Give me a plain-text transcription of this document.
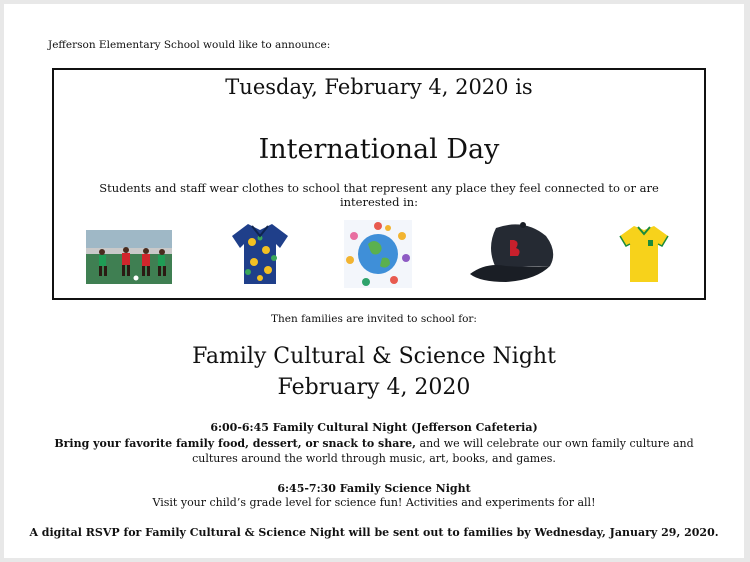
Jefferson Elementary School would like to announce:
Tuesday, February 4, 2020 is
International Day
Students and staff wear clothes to school that represent any place they feel connected to or are interested in:
Then families are invited to school for:
Family Cultural & Science Night
February 4, 2020
6:00-6:45 Family Cultural Night (Jefferson Cafeteria)
Bring your favorite family food, dessert, or snack to share, and we will celebrate our own family culture and cultures around the world through music, art, books, and games.
6:45-7:30 Family Science Night
Visit your child’s grade level for science fun! Activities and experiments for all!
A digital RSVP for Family Cultural & Science Night will be sent out to families by Wednesday, January 29, 2020.
